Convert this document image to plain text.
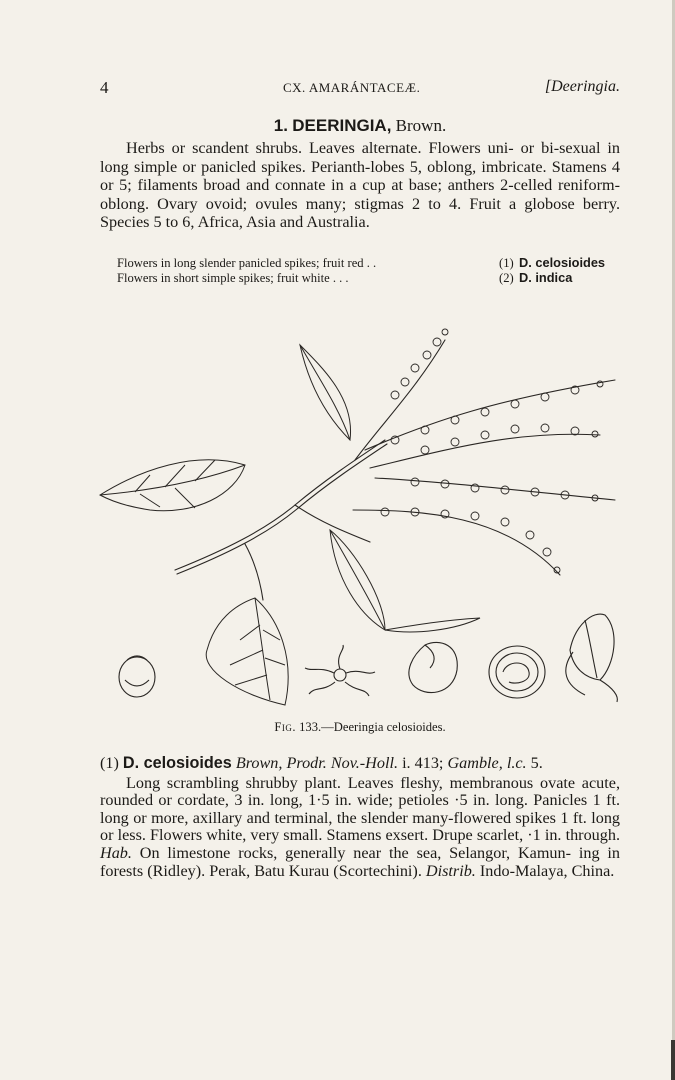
4	CX. AMARÁNTACEÆ.	[Deeringia.
1. DEERINGIA, Brown.

Herbs or scandent shrubs. Leaves alternate. Flowers uni- or bi-sexual in long simple or panicled spikes. Perianth-lobes 5, oblong, imbricate. Stamens 4 or 5; filaments broad and connate in a cup at base; anthers 2-celled reniform-oblong. Ovary ovoid; ovules many; stigmas 2 to 4. Fruit a globose berry. Species 5 to 6, Africa, Asia and Australia.

Flowers in long slender panicled spikes; fruit red . .	(1) D. celosioides
Flowers in short simple spikes; fruit white . . .	(2) D. indica
Fig. 133.—Deeringia celosioides.

(1) D. celosioides Brown, Prodr. Nov.-Holl. i. 413; Gamble, l.c. 5.

Long scrambling shrubby plant. Leaves fleshy, membranous ovate acute, rounded or cordate, 3 in. long, 1·5 in. wide; petioles ·5 in. long. Panicles 1 ft. long or more, axillary and terminal, the slender many-flowered spikes 1 ft. long or less. Flowers white, very small. Stamens exsert. Drupe scarlet, ·1 in. through. Hab. On limestone rocks, generally near the sea, Selangor, Kamun- ing in forests (Ridley). Perak, Batu Kurau (Scortechini). Distrib. Indo-Malaya, China.
